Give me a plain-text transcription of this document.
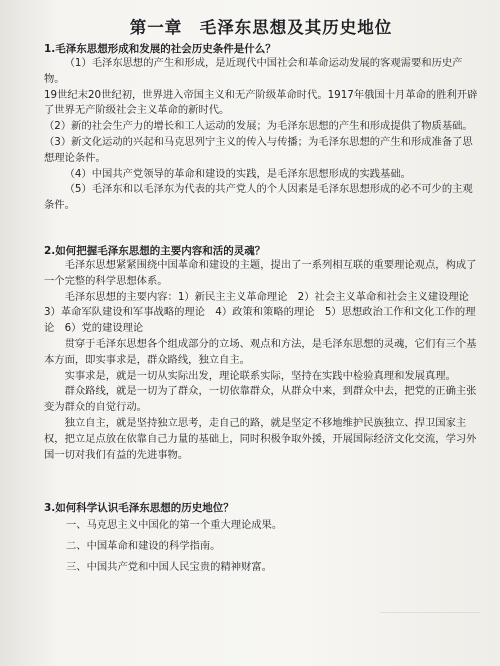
第一章　毛泽东思想及其历史地位

1.毛泽东思想形成和发展的社会历史条件是什么？

（1）毛泽东思想的产生和形成，是近现代中国社会和革命运动发展的客观需要和历史产物。

19世纪末20世纪初，世界进入帝国主义和无产阶级革命时代。1917年俄国十月革命的胜利开辟了世界无产阶级社会主义革命的新时代。

（2）新的社会生产力的增长和工人运动的发展；为毛泽东思想的产生和形成提供了物质基础。

（3）新文化运动的兴起和马克思列宁主义的传入与传播；为毛泽东思想的产生和形成准备了思想理论条件。

（4）中国共产党领导的革命和建设的实践，是毛泽东思想形成的实践基础。

（5）毛泽东和以毛泽东为代表的共产党人的个人因素是毛泽东思想形成的必不可少的主观条件。

2.如何把握毛泽东思想的主要内容和活的灵魂？

毛泽东思想紧紧围绕中国革命和建设的主题，提出了一系列相互联的重要理论观点，构成了一个完整的科学思想体系。

毛泽东思想的主要内容：1）新民主主义革命理论　2）社会主义革命和社会主义建设理论　3）革命军队建设和军事战略的理论　4）政策和策略的理论　5）思想政治工作和文化工作的理论　6）党的建设理论

贯穿于毛泽东思想各个组成部分的立场、观点和方法，是毛泽东思想的灵魂，它们有三个基本方面，即实事求是，群众路线，独立自主。

实事求是，就是一切从实际出发，理论联系实际，坚持在实践中检验真理和发展真理。

群众路线，就是一切为了群众，一切依靠群众，从群众中来，到群众中去，把党的正确主张变为群众的自觉行动。

独立自主，就是坚持独立思考，走自己的路，就是坚定不移地维护民族独立、捍卫国家主权，把立足点放在依靠自己力量的基础上，同时积极争取外援，开展国际经济文化交流，学习外国一切对我们有益的先进事物。

3.如何科学认识毛泽东思想的历史地位？

一、马克思主义中国化的第一个重大理论成果。

二、中国革命和建设的科学指南。

三、中国共产党和中国人民宝贵的精神财富。
